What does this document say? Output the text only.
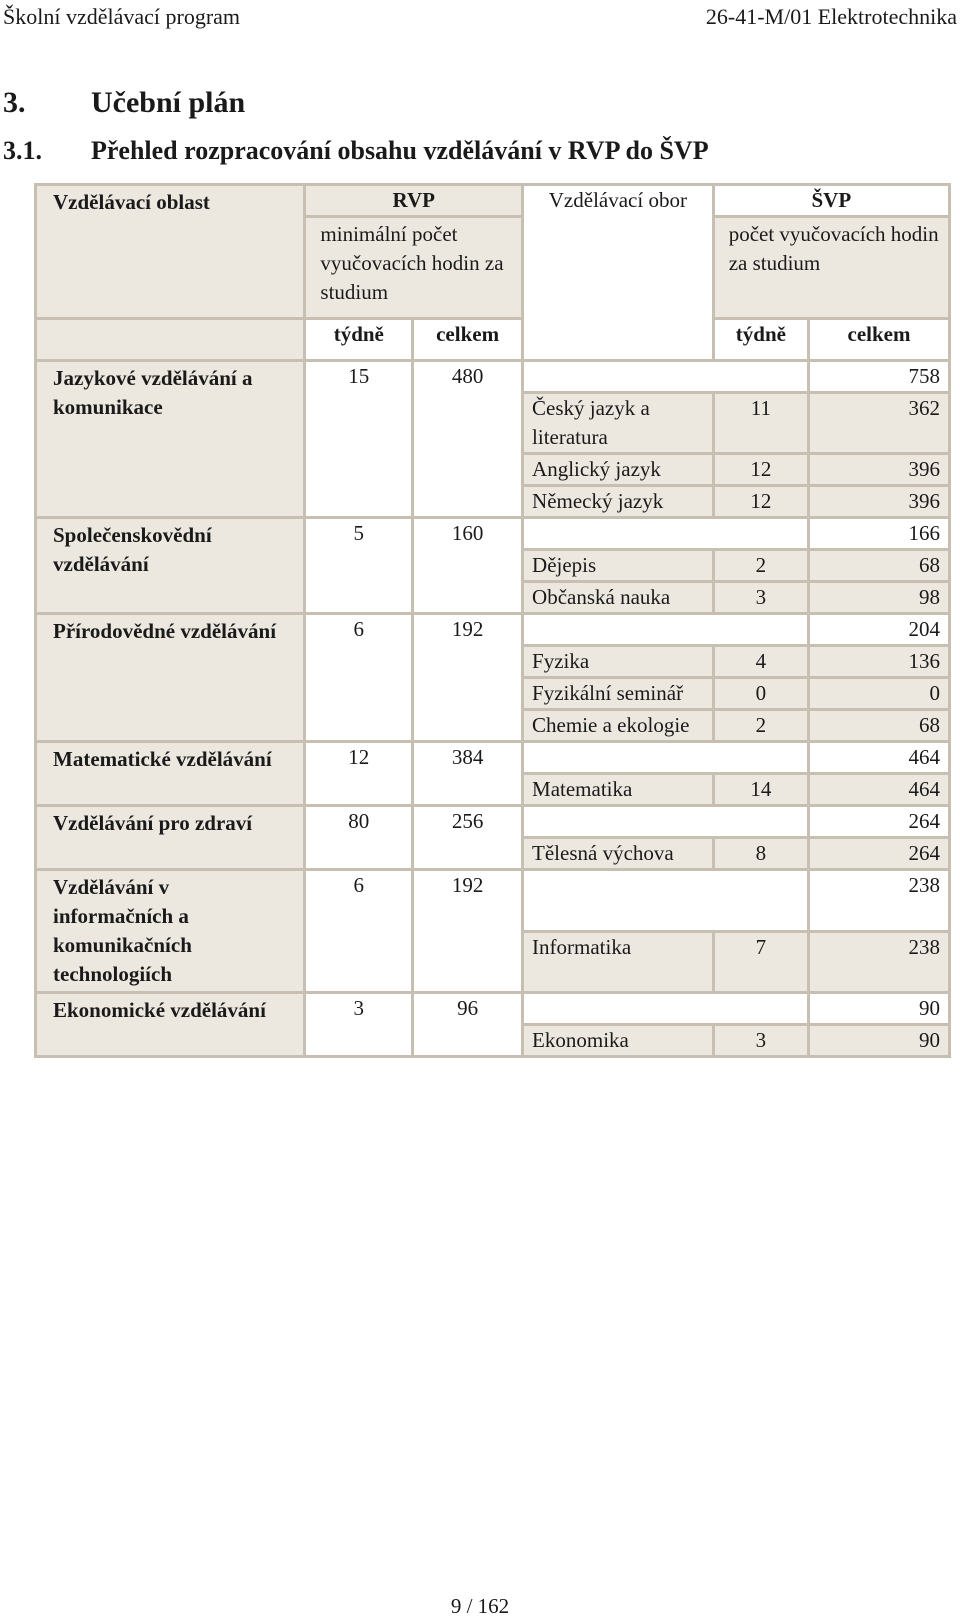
Školní vzdělávací program	26-41-M/01 Elektrotechnika
3. Učební plán
3.1. Přehled rozpracování obsahu vzdělávání v RVP do ŠVP
Vzdělávací oblast	RVP		Vzdělávací obor	ŠVP	
	minimální počet vyučovacích hodin za studium			počet vyučovacích hodin za studium	
	týdně	celkem		týdně	celkem
Jazykové vzdělávání a komunikace	15	480			758
			Český jazyk a literatura	11	362
			Anglický jazyk	12	396
			Německý jazyk	12	396
Společenskovědní vzdělávání	5	160			166
			Dějepis	2	68
			Občanská nauka	3	98
Přírodovědné vzdělávání	6	192			204
			Fyzika	4	136
			Fyzikální seminář	0	0
			Chemie a ekologie	2	68
Matematické vzdělávání	12	384			464
			Matematika	14	464
Vzdělávání pro zdraví	80	256			264
			Tělesná výchova	8	264
Vzdělávání v informačních a komunikačních technologiích	6	192			238
			Informatika	7	238
Ekonomické vzdělávání	3	96			90
			Ekonomika	3	90
9 / 162
